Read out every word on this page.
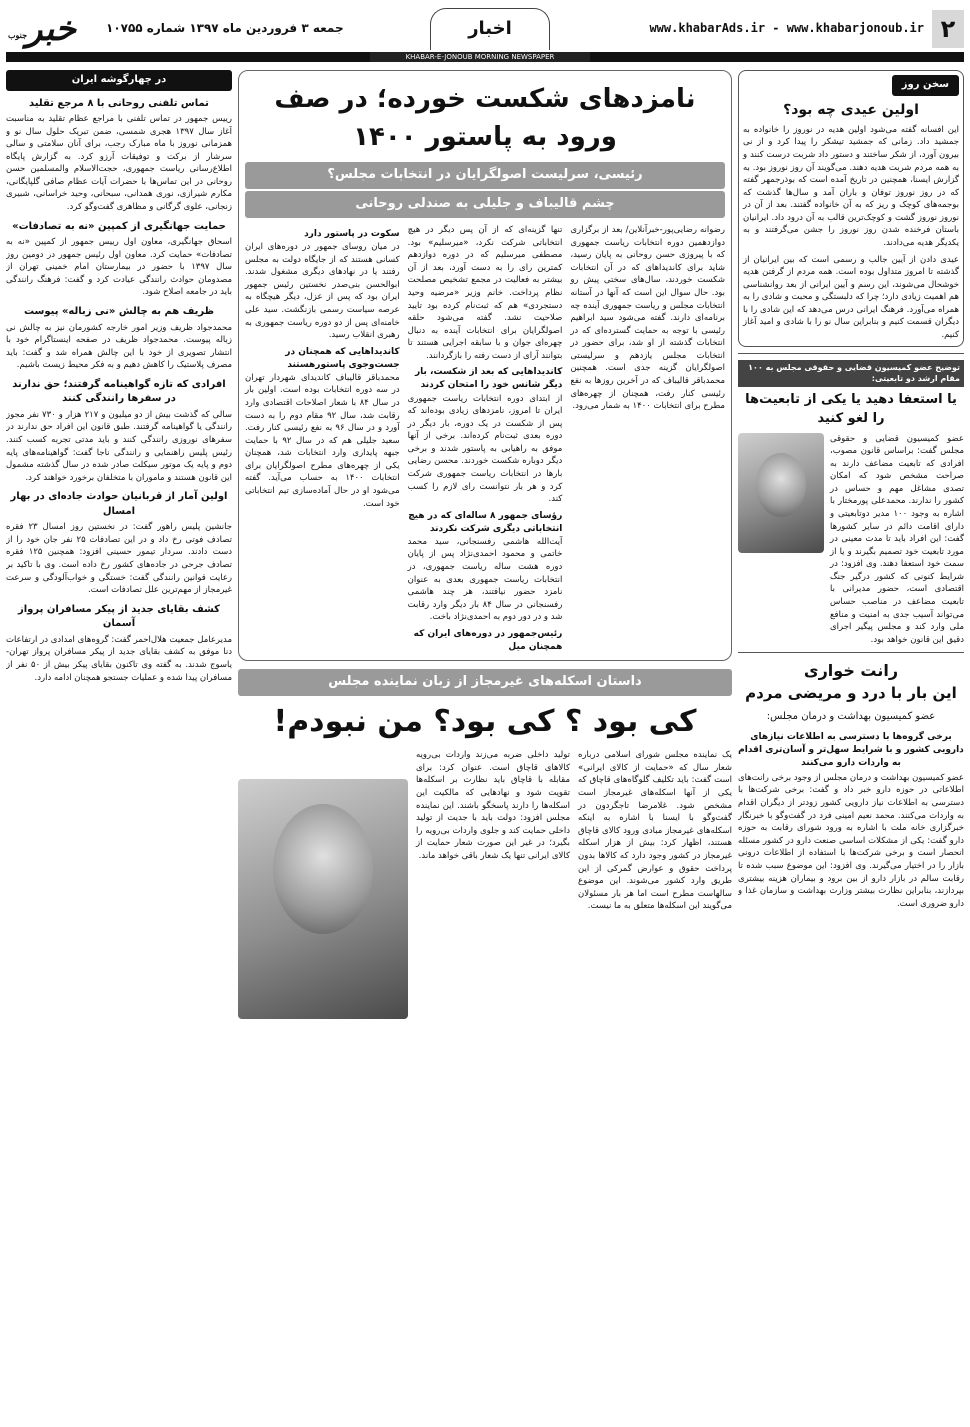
۲
www.khabarAds.ir - www.khabarjonoub.ir
اخبار
جمعه ۳ فروردین ماه ۱۳۹۷ شماره ۱۰۷۵۵
خبر
جنوب
KHABAR-E-JONOUB MORNING NEWSPAPER
سخن روز
اولین عیدی چه بود؟

این افسانه گفته می‌شود اولین هدیه در نوروز را خانواده به جمشید داد. زمانی که جمشید تیشکر را پیدا کرد و از نی بیرون آورد، از شکر ساختند و دستور داد شربت درست کنند و به همه مردم شربت هدیه دهند. می‌گویند آن روز نوروز بود. به گزارش ایسنا، همچنین در تاریخ آمده است که بوذرجمهر گفته که در روز نوروز توفان و باران آمد و سال‌ها گذشت که بوجمه‌های کوچک و ریز که به آن خانواده گفتند. بعد از آن در نوروز نوروز گشت و کوچک‌ترین قالب به آن درود داد. ایرانیان باستان فرخنده شدن روز نوروز را جشن می‌گرفتند و به یکدیگر هدیه می‌دادند.

عیدی دادن از آیین جالب و رسمی است که بین ایرانیان از گذشته تا امروز متداول بوده است. همه مردم از گرفتن هدیه خوشحال می‌شوند، این رسم و آیین ایرانی از بعد روانشناسی هم اهمیت زیادی دارد؛ چرا که دلبستگی و محبت و شادی را به همراه می‌آورد. فرهنگ ایرانی درس می‌دهد که این شادی را با دیگران قسمت کنیم و بنابراین سال نو را با شادی و امید آغاز کنیم.

توضیح عضو کمیسیون قضایی و حقوقی مجلس به ۱۰۰ مقام ارشد دو تابعیتی:
یا استعفا دهید یا یکی از تابعیت‌ها را لغو کنید

عضو کمیسیون قضایی و حقوقی مجلس گفت: براساس قانون مصوب، افرادی که تابعیت مضاعف دارند به صراحت مشخص شود که امکان تصدی مشاغل مهم و حساس در کشور را ندارند. محمدعلی پورمختار با اشاره به وجود ۱۰۰ مدیر دوتابعیتی و دارای اقامت دائم در سایر کشورها گفت: این افراد باید تا مدت معینی در مورد تابعیت خود تصمیم بگیرند و یا از سمت خود استعفا دهند. وی افزود: در شرایط کنونی که کشور درگیر جنگ اقتصادی است، حضور مدیرانی با تابعیت مضاعف در مناصب حساس می‌تواند آسیب جدی به امنیت و منافع ملی وارد کند و مجلس پیگیر اجرای دقیق این قانون خواهد بود.

رانت خواری
این بار با درد و مریضی مردم
عضو کمیسیون بهداشت و درمان مجلس:
برخی گروه‌ها با دسترسی به اطلاعات نیازهای دارویی کشور و با شرایط سهل‌تر و آسان‌تری اقدام به واردات دارو می‌کنند

عضو کمیسیون بهداشت و درمان مجلس از وجود برخی رانت‌های اطلاعاتی در حوزه دارو خبر داد و گفت: برخی شرکت‌ها با دسترسی به اطلاعات نیاز دارویی کشور زودتر از دیگران اقدام به واردات می‌کنند. محمد نعیم امینی فرد در گفت‌وگو با خبرنگار خبرگزاری خانه ملت با اشاره به ورود شورای رقابت به حوزه دارو گفت: یکی از مشکلات اساسی صنعت دارو در کشور مسئله انحصار است و برخی شرکت‌ها با استفاده از اطلاعات درونی بازار را در اختیار می‌گیرند. وی افزود: این موضوع سبب شده تا رقابت سالم در بازار دارو از بین برود و بیماران هزینه بیشتری بپردازند، بنابراین نظارت بیشتر وزارت بهداشت و سازمان غذا و دارو ضروری است.

نامزدهای شکست خورده؛ در صف ورود به پاستور ۱۴۰۰
رئیسی، سرلیست اصولگرایان در انتخابات مجلس؟
چشم قالیباف و جلیلی به صندلی روحانی

رضوانه رضایی‌پور-خبرآنلاین/ بعد از برگزاری دوازدهمین دوره انتخابات ریاست جمهوری که با پیروزی حسن روحانی به پایان رسید، شاید برای کاندیداهای که در آن انتخابات شکست خوردند، سال‌های سختی پیش رو بود. حال سوال این است که آنها در آستانه انتخابات مجلس و ریاست جمهوری آینده چه برنامه‌ای دارند. گفته می‌شود سید ابراهیم رئیسی با توجه به حمایت گسترده‌ای که در انتخابات گذشته از او شد، برای حضور در انتخابات مجلس یازدهم و سرلیستی اصولگرایان گزینه جدی است. همچنین محمدباقر قالیباف که در آخرین روزها به نفع رئیسی کنار رفت، همچنان از چهره‌های مطرح برای انتخابات ۱۴۰۰ به شمار می‌رود.

تنها گزینه‌ای که از آن پس دیگر در هیچ انتخاباتی شرکت نکرد، «میرسلیم» بود. مصطفی میرسلیم که در دوره دوازدهم کمترین رای را به دست آورد، بعد از آن بیشتر به فعالیت در مجمع تشخیص مصلحت نظام پرداخت. خانم وزیر «مرضیه وحید دستجردی» هم که ثبت‌نام کرده بود تایید صلاحیت نشد. گفته می‌شود حلقه اصولگرایان برای انتخابات آینده به دنبال چهره‌ای جوان و با سابقه اجرایی هستند تا بتوانند آرای از دست رفته را بازگردانند.

کاندیداهایی که بعد از شکست، بار دیگر شانس خود را امتحان کردند

از ابتدای دوره انتخابات ریاست جمهوری ایران تا امروز، نامزدهای زیادی بوده‌اند که پس از شکست در یک دوره، بار دیگر در دوره بعدی ثبت‌نام کرده‌اند. برخی از آنها موفق به راهیابی به پاستور شدند و برخی دیگر دوباره شکست خوردند. محسن رضایی بارها در انتخابات ریاست جمهوری شرکت کرد و هر بار نتوانست رای لازم را کسب کند.

رؤسای جمهور ۸ ساله‌ای که در هیچ انتخاباتی دیگری شرکت نکردند

آیت‌الله هاشمی رفسنجانی، سید محمد خاتمی و محمود احمدی‌نژاد پس از پایان دوره هشت ساله ریاست جمهوری، در انتخابات ریاست جمهوری بعدی به عنوان نامزد حضور نیافتند، هر چند هاشمی رفسنجانی در سال ۸۴ بار دیگر وارد رقابت شد و در دور دوم به احمدی‌نژاد باخت.

رئیس‌جمهور در دوره‌های ایران که همچنان میل
سکوت در پاستور دارد

در میان روسای جمهور در دوره‌های ایران کسانی هستند که از جایگاه دولت به مجلس رفتند یا در نهادهای دیگری مشغول شدند. ابوالحسن بنی‌صدر نخستین رئیس جمهور ایران بود که پس از عزل، دیگر هیچگاه به عرصه سیاست رسمی بازنگشت. سید علی خامنه‌ای پس از دو دوره ریاست جمهوری به رهبری انقلاب رسید.

کاندیداهایی که همچنان در جست‌وجوی پاستورهستند

محمدباقر قالیباف کاندیدای شهردار تهران در سه دوره انتخابات بوده است. اولین بار در سال ۸۴ با شعار اصلاحات اقتصادی وارد رقابت شد، سال ۹۲ مقام دوم را به دست آورد و در سال ۹۶ به نفع رئیسی کنار رفت. سعید جلیلی هم که در سال ۹۲ با حمایت جبهه پایداری وارد انتخابات شد، همچنان یکی از چهره‌های مطرح اصولگرایان برای انتخابات ۱۴۰۰ به حساب می‌آید. گفته می‌شود او در حال آماده‌سازی تیم انتخاباتی خود است.

داستان اسکله‌های غیرمجاز از زبان نماینده مجلس
کی بود ؟ کی بود؟ من نبودم!

یک نماینده مجلس شورای اسلامی درباره شعار سال که «حمایت از کالای ایرانی» است گفت: باید تکلیف گلوگاه‌های قاچاق که یکی از آنها اسکله‌های غیرمجاز است مشخص شود. غلامرضا تاجگردون در گفت‌وگو با ایسنا با اشاره به اینکه اسکله‌های غیرمجاز مبادی ورود کالای قاچاق هستند، اظهار کرد: بیش از هزار اسکله غیرمجاز در کشور وجود دارد که کالاها بدون پرداخت حقوق و عوارض گمرکی از این طریق وارد کشور می‌شوند. این موضوع سالهاست مطرح است اما هر بار مسئولان می‌گویند این اسکله‌ها متعلق به ما نیست.

تولید داخلی ضربه می‌زند واردات بی‌رویه کالاهای قاچاق است. عنوان کرد: برای مقابله با قاچاق باید نظارت بر اسکله‌ها تقویت شود و نهادهایی که مالکیت این اسکله‌ها را دارند پاسخگو باشند. این نماینده مجلس افزود: دولت باید با جدیت از تولید داخلی حمایت کند و جلوی واردات بی‌رویه را بگیرد؛ در غیر این صورت شعار حمایت از کالای ایرانی تنها یک شعار باقی خواهد ماند.

در چهارگوشه ایران
تماس تلفنی روحانی با ۸ مرجع تقلید

رییس جمهور در تماس تلفنی با مراجع عظام تقلید به مناسبت آغاز سال ۱۳۹۷ هجری شمسی، ضمن تبریک حلول سال نو و همزمانی نوروز با ماه مبارک رجب، برای آنان سلامتی و سالی سرشار از برکت و توفیقات آرزو کرد. به گزارش پایگاه اطلاع‌رسانی ریاست جمهوری، حجت‌الاسلام والمسلمین حسن روحانی در این تماس‌ها با حضرات آیات عظام صافی گلپایگانی، مکارم شیرازی، نوری همدانی، سبحانی، وحید خراسانی، شبیری زنجانی، علوی گرگانی و مظاهری گفت‌وگو کرد.

حمایت جهانگیری از کمپین «نه به تصادفات»

اسحاق جهانگیری، معاون اول رییس جمهور از کمپین «نه به تصادفات» حمایت کرد. معاون اول رئیس جمهور در دومین روز سال ۱۳۹۷ با حضور در بیمارستان امام خمینی تهران از مصدومان حوادث رانندگی عیادت کرد و گفت: فرهنگ رانندگی باید در جامعه اصلاح شود.

ظریف هم به چالش «نی زباله» پیوست

محمدجواد ظریف وزیر امور خارجه کشورمان نیز به چالش نی زباله پیوست. محمدجواد ظریف در صفحه اینستاگرام خود با انتشار تصویری از خود با این چالش همراه شد و گفت: باید مصرف پلاستیک را کاهش دهیم و به فکر محیط زیست باشیم.

افرادی که تازه گواهینامه گرفتند؛ حق ندارند در سفرها رانندگی کنند

سالی که گذشت بیش از دو میلیون و ۲۱۷ هزار و ۷۳۰ نفر مجوز رانندگی یا گواهینامه گرفتند. طبق قانون این افراد حق ندارند در سفرهای نوروزی رانندگی کنند و باید مدتی تجربه کسب کنند. رئیس پلیس راهنمایی و رانندگی ناجا گفت: گواهینامه‌های پایه دوم و پایه یک موتور سیکلت صادر شده در سال گذشته مشمول این قانون هستند و ماموران با متخلفان برخورد خواهند کرد.

اولین آمار از قربانیان حوادث جاده‌ای در بهار امسال

جانشین پلیس راهور گفت: در نخستین روز امسال ۲۳ فقره تصادف فوتی رخ داد و در این تصادفات ۲۵ نفر جان خود را از دست دادند. سردار تیمور حسینی افزود: همچنین ۱۲۵ فقره تصادف جرحی در جاده‌های کشور رخ داده است. وی با تاکید بر رعایت قوانین رانندگی گفت: خستگی و خواب‌آلودگی و سرعت غیرمجاز از مهم‌ترین علل تصادفات است.

کشف بقایای جدید از پیکر مسافران پرواز آسمان

مدیرعامل جمعیت هلال‌احمر گفت: گروه‌های امدادی در ارتفاعات دنا موفق به کشف بقایای جدید از پیکر مسافران پرواز تهران-یاسوج شدند. به گفته وی تاکنون بقایای پیکر بیش از ۵۰ نفر از مسافران پیدا شده و عملیات جستجو همچنان ادامه دارد.
